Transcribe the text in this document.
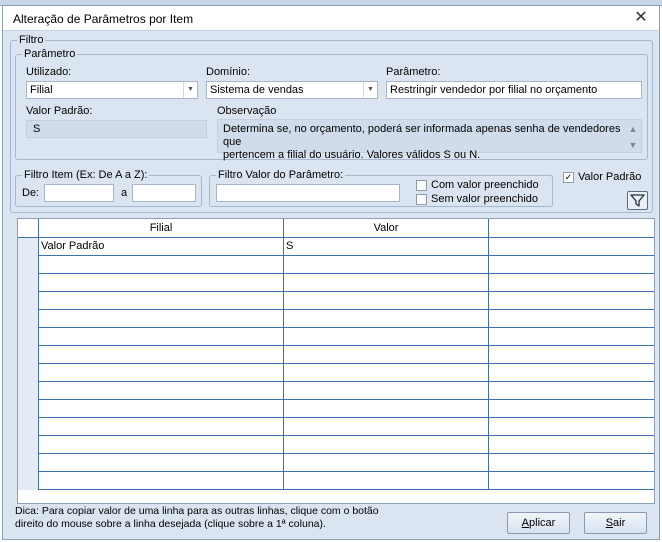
Alteração de Parâmetros por Item	✕
Filtro
Parâmetro
Utilizado:
Filial	▼
Domínio:
Sistema de vendas	▼
Parâmetro:
Restringir vendedor por filial no orçamento
Valor Padrão:
S
Observação
Determina se, no orçamento, poderá ser informada apenas senha de vendedores que
pertencem a filial do usuário. Valores válidos S ou N.
▲
▼
Filtro Item (Ex: De A a Z):
De:	a
Filtro Valor do Parâmetro:
Com valor preenchido
Sem valor preenchido
✓ Valor Padrão
Filial	Valor
Valor Padrão	S
Dica: Para copiar valor de uma linha para as outras linhas, clique com o botão
direito do mouse sobre a linha desejada (clique sobre a 1ª coluna).	Aplicar	Sair
